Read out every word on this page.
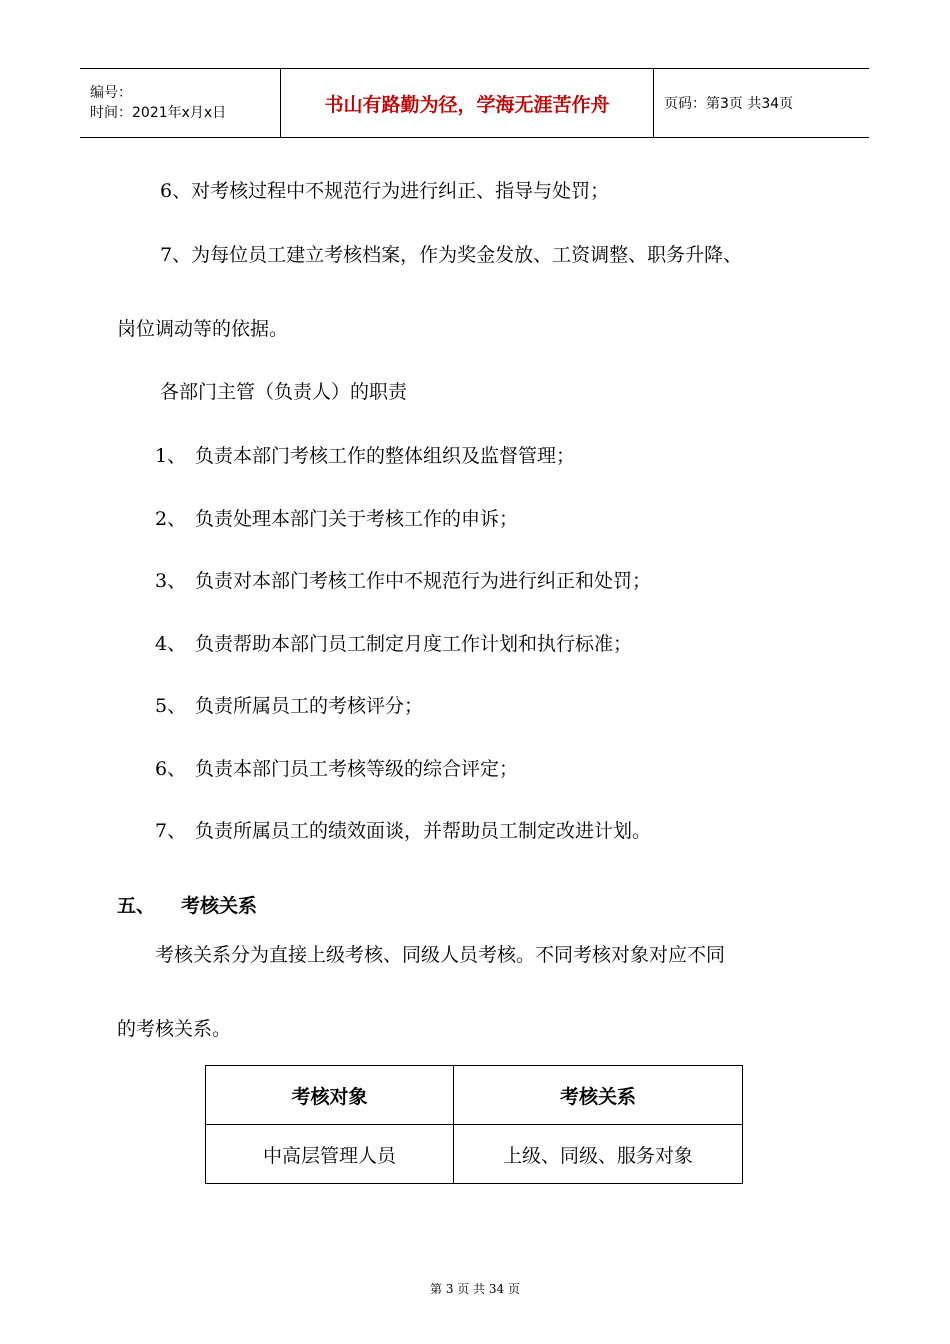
编号：
时间：2021年x月x日	书山有路勤为径，学海无涯苦作舟	页码：第3页 共34页
6、对考核过程中不规范行为进行纠正、指导与处罚；
7、为每位员工建立考核档案，作为奖金发放、工资调整、职务升降、
岗位调动等的依据。
各部门主管（负责人）的职责
1、 负责本部门考核工作的整体组织及监督管理；
2、 负责处理本部门关于考核工作的申诉；
3、 负责对本部门考核工作中不规范行为进行纠正和处罚；
4、 负责帮助本部门员工制定月度工作计划和执行标准；
5、 负责所属员工的考核评分；
6、 负责本部门员工考核等级的综合评定；
7、 负责所属员工的绩效面谈，并帮助员工制定改进计划。
五、 考核关系
考核关系分为直接上级考核、同级人员考核。不同考核对象对应不同
的考核关系。
考核对象	考核关系
中高层管理人员	上级、同级、服务对象
第 3 页 共 34 页
